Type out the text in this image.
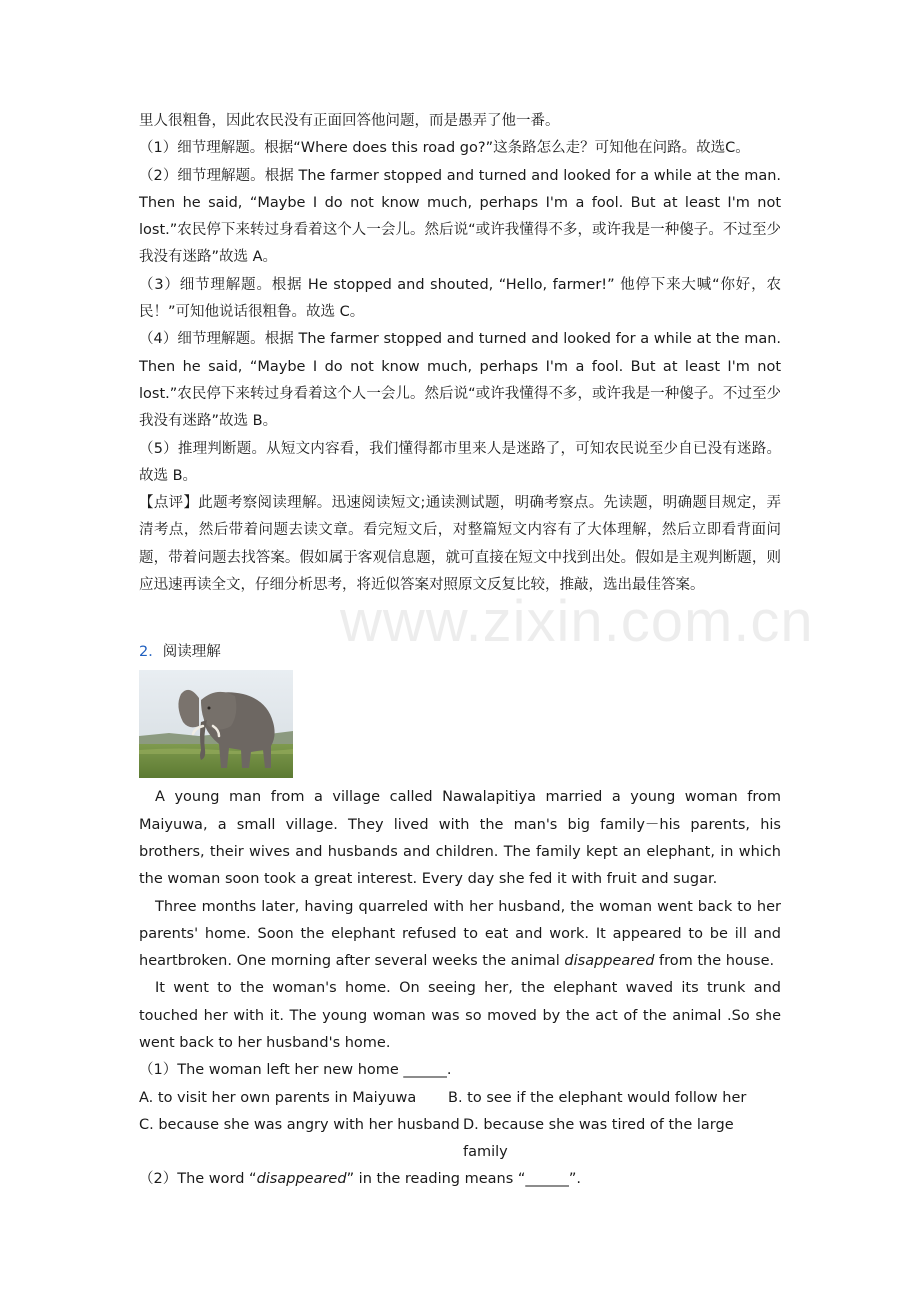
www.zixin.com.cn

里人很粗鲁，因此农民没有正面回答他问题，而是愚弄了他一番。

（1）细节理解题。根据“Where does this road go?”这条路怎么走？可知他在问路。故选C。

（2）细节理解题。根据 The farmer stopped and turned and looked for a while at the man. Then he said, “Maybe I do not know much, perhaps I'm a fool. But at least I'm not lost.”农民停下来转过身看着这个人一会儿。然后说“或许我懂得不多，或许我是一种傻子。不过至少我没有迷路”故选 A。

（3）细节理解题。根据 He stopped and shouted, “Hello, farmer!” 他停下来大喊“你好，农民！”可知他说话很粗鲁。故选 C。

（4）细节理解题。根据 The farmer stopped and turned and looked for a while at the man. Then he said, “Maybe I do not know much, perhaps I'm a fool. But at least I'm not lost.”农民停下来转过身看着这个人一会儿。然后说“或许我懂得不多，或许我是一种傻子。不过至少我没有迷路”故选 B。

（5）推理判断题。从短文内容看，我们懂得都市里来人是迷路了，可知农民说至少自已没有迷路。故选 B。

【点评】此题考察阅读理解。迅速阅读短文;通读测试题，明确考察点。先读题，明确题目规定，弄清考点，然后带着问题去读文章。看完短文后，对整篇短文内容有了大体理解，然后立即看背面问题，带着问题去找答案。假如属于客观信息题，就可直接在短文中找到出处。假如是主观判断题，则应迅速再读全文，仔细分析思考，将近似答案对照原文反复比较，推敲，选出最佳答案。

2．阅读理解

A young man from a village called Nawalapitiya married a young woman from Maiyuwa, a small village. They lived with the man's big family－his parents, his brothers, their wives and husbands and children. The family kept an elephant, in which the woman soon took a great interest. Every day she fed it with fruit and sugar.

Three months later, having quarreled with her husband, the woman went back to her parents' home. Soon the elephant refused to eat and work. It appeared to be ill and heartbroken. One morning after several weeks the animal disappeared from the house.

It went to the woman's home. On seeing her, the elephant waved its trunk and touched her with it. The young woman was so moved by the act of the animal .So she went back to her husband's home.

（1）The woman left her new home ______.

A. to visit her own parents in Maiyuwa	B. to see if the elephant would follow her
C. because she was angry with her husband D. because she was tired of the large family

（2）The word “disappeared” in the reading means “______”.
